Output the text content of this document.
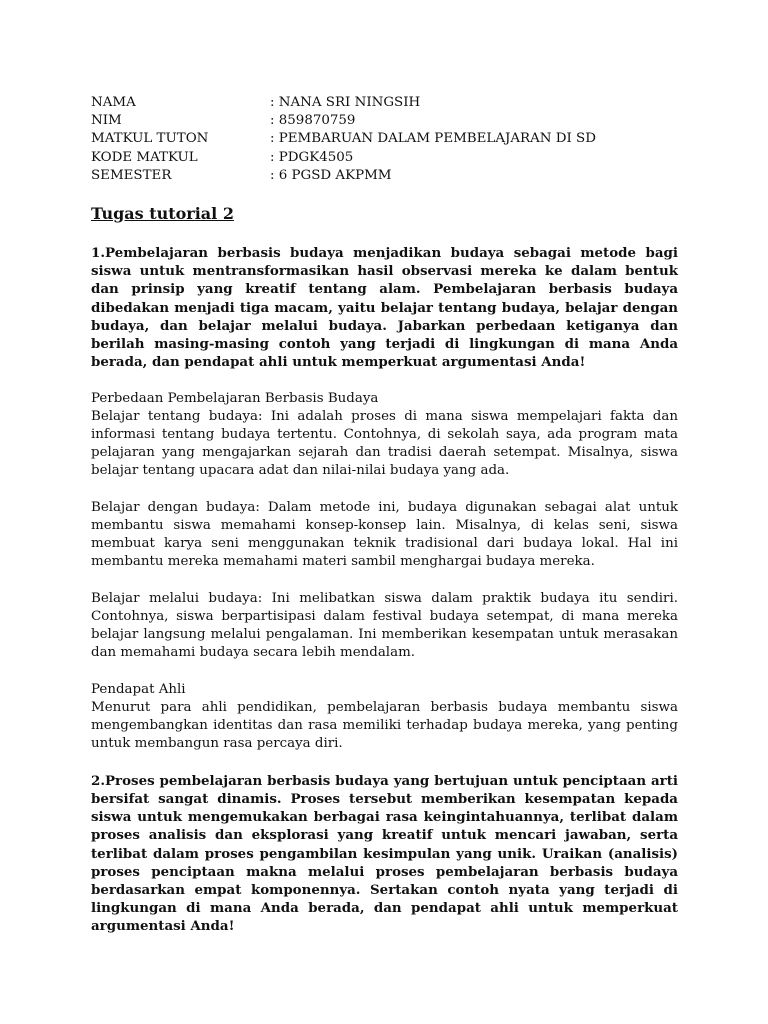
NAMA	: NANA SRI NINGSIH
NIM	: 859870759
MATKUL TUTON	: PEMBARUAN DALAM PEMBELAJARAN DI SD
KODE MATKUL	: PDGK4505
SEMESTER	: 6 PGSD AKPMM
Tugas tutorial 2

1.Pembelajaran berbasis budaya menjadikan budaya sebagai metode bagi siswa untuk mentransformasikan hasil observasi mereka ke dalam bentuk dan prinsip yang kreatif tentang alam. Pembelajaran berbasis budaya dibedakan menjadi tiga macam, yaitu belajar tentang budaya, belajar dengan budaya, dan belajar melalui budaya. Jabarkan perbedaan ketiganya dan berilah masing-masing contoh yang terjadi di lingkungan di mana Anda berada, dan pendapat ahli untuk memperkuat argumentasi Anda!

Perbedaan Pembelajaran Berbasis Budaya

Belajar tentang budaya: Ini adalah proses di mana siswa mempelajari fakta dan informasi tentang budaya tertentu. Contohnya, di sekolah saya, ada program mata pelajaran yang mengajarkan sejarah dan tradisi daerah setempat. Misalnya, siswa belajar tentang upacara adat dan nilai-nilai budaya yang ada.

Belajar dengan budaya: Dalam metode ini, budaya digunakan sebagai alat untuk membantu siswa memahami konsep-konsep lain. Misalnya, di kelas seni, siswa membuat karya seni menggunakan teknik tradisional dari budaya lokal. Hal ini membantu mereka memahami materi sambil menghargai budaya mereka.

Belajar melalui budaya: Ini melibatkan siswa dalam praktik budaya itu sendiri. Contohnya, siswa berpartisipasi dalam festival budaya setempat, di mana mereka belajar langsung melalui pengalaman. Ini memberikan kesempatan untuk merasakan dan memahami budaya secara lebih mendalam.

Pendapat Ahli

Menurut para ahli pendidikan, pembelajaran berbasis budaya membantu siswa mengembangkan identitas dan rasa memiliki terhadap budaya mereka, yang penting untuk membangun rasa percaya diri.

2.Proses pembelajaran berbasis budaya yang bertujuan untuk penciptaan arti bersifat sangat dinamis. Proses tersebut memberikan kesempatan kepada siswa untuk mengemukakan berbagai rasa keingintahuannya, terlibat dalam proses analisis dan eksplorasi yang kreatif untuk mencari jawaban, serta terlibat dalam proses pengambilan kesimpulan yang unik. Uraikan (analisis) proses penciptaan makna melalui proses pembelajaran berbasis budaya berdasarkan empat komponennya. Sertakan contoh nyata yang terjadi di lingkungan di mana Anda berada, dan pendapat ahli untuk memperkuat argumentasi Anda!
